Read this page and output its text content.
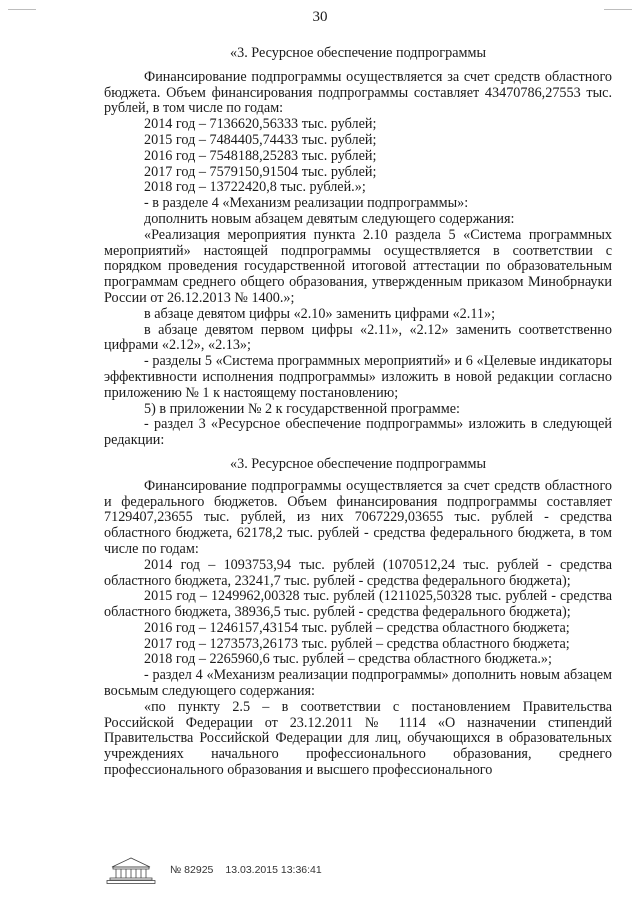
30

«3. Ресурсное обеспечение подпрограммы

Финансирование подпрограммы осуществляется за счет средств областного бюджета. Объем финансирования подпрограммы составляет 43470786,27553 тыс. рублей, в том числе по годам:

2014 год – 7136620,56333 тыс. рублей;

2015 год – 7484405,74433 тыс. рублей;

2016 год – 7548188,25283 тыс. рублей;

2017 год – 7579150,91504 тыс. рублей;

2018 год – 13722420,8 тыс. рублей.»;

- в разделе 4 «Механизм реализации подпрограммы»:

дополнить новым абзацем девятым следующего содержания:

«Реализация мероприятия пункта 2.10 раздела 5 «Система программных мероприятий» настоящей подпрограммы осуществляется в соответствии с порядком проведения государственной итоговой аттестации по образовательным программам среднего общего образования, утвержденным приказом Минобрнауки России от 26.12.2013 № 1400.»;

в абзаце девятом цифры «2.10» заменить цифрами «2.11»;

в абзаце девятом первом цифры «2.11», «2.12» заменить соответственно цифрами «2.12», «2.13»;

- разделы 5 «Система программных мероприятий» и 6 «Целевые индикаторы эффективности исполнения подпрограммы» изложить в новой редакции согласно приложению № 1 к настоящему постановлению;

5) в приложении № 2 к государственной программе:

- раздел 3 «Ресурсное обеспечение подпрограммы» изложить в следующей редакции:

«3. Ресурсное обеспечение подпрограммы

Финансирование подпрограммы осуществляется за счет средств областного и федерального бюджетов. Объем финансирования подпрограммы составляет 7129407,23655 тыс. рублей, из них 7067229,03655 тыс. рублей - средства областного бюджета, 62178,2 тыс. рублей - средства федерального бюджета, в том числе по годам:

2014 год – 1093753,94 тыс. рублей (1070512,24 тыс. рублей - средства областного бюджета, 23241,7 тыс. рублей - средства федерального бюджета);

2015 год – 1249962,00328 тыс. рублей (1211025,50328 тыс. рублей - средства областного бюджета, 38936,5 тыс. рублей - средства федерального бюджета);

2016 год – 1246157,43154 тыс. рублей – средства областного бюджета;

2017 год – 1273573,26173 тыс. рублей – средства областного бюджета;

2018 год – 2265960,6 тыс. рублей – средства областного бюджета.»;

- раздел 4 «Механизм реализации подпрограммы» дополнить новым абзацем восьмым следующего содержания:

«по пункту 2.5 – в соответствии с постановлением Правительства Российской Федерации от 23.12.2011 № 1114 «О назначении стипендий Правительства Российской Федерации для лиц, обучающихся в образовательных учреждениях начального профессионального образования, среднего профессионального образования и высшего профессионального

№ 82925 13.03.2015 13:36:41
